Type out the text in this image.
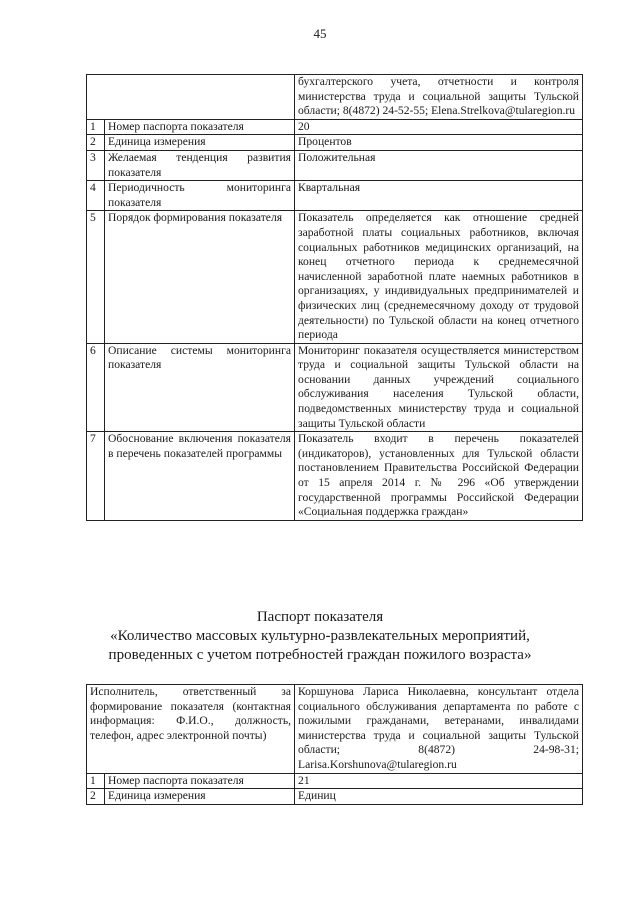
45
		бухгалтерского учета, отчетности и контроля министерства труда и социальной защиты Тульской области; 8(4872) 24-52-55; Elena.Strelkova@tularegion.ru
1	Номер паспорта показателя	20
2	Единица измерения	Процентов
3	Желаемая тенденция развития показателя	Положительная
4	Периодичность мониторинга показателя	Квартальная
5	Порядок формирования показателя	Показатель определяется как отношение средней заработной платы социальных работников, включая социальных работников медицинских организаций, на конец отчетного периода к среднемесячной начисленной заработной плате наемных работников в организациях, у индивидуальных предпринимателей и физических лиц (среднемесячному доходу от трудовой деятельности) по Тульской области на конец отчетного периода
6	Описание системы мониторинга показателя	Мониторинг показателя осуществляется министерством труда и социальной защиты Тульской области на основании данных учреждений социального обслуживания населения Тульской области, подведомственных министерству труда и социальной защиты Тульской области
7	Обоснование включения показателя в перечень показателей программы	Показатель входит в перечень показателей (индикаторов), установленных для Тульской области постановлением Правительства Российской Федерации от 15 апреля 2014 г. № 296 «Об утверждении государственной программы Российской Федерации «Социальная поддержка граждан»
Паспорт показателя
«Количество массовых культурно-развлекательных мероприятий,
проведенных с учетом потребностей граждан пожилого возраста»
Исполнитель, ответственный за формирование показателя (контактная информация: Ф.И.О., должность, телефон, адрес электронной почты)		Коршунова Лариса Николаевна, консультант отдела социального обслуживания департамента по работе с пожилыми гражданами, ветеранами, инвалидами министерства труда и социальной защиты Тульской области; 8(4872) 24-98-31; Larisa.Korshunova@tularegion.ru
1	Номер паспорта показателя	21
2	Единица измерения	Единиц
